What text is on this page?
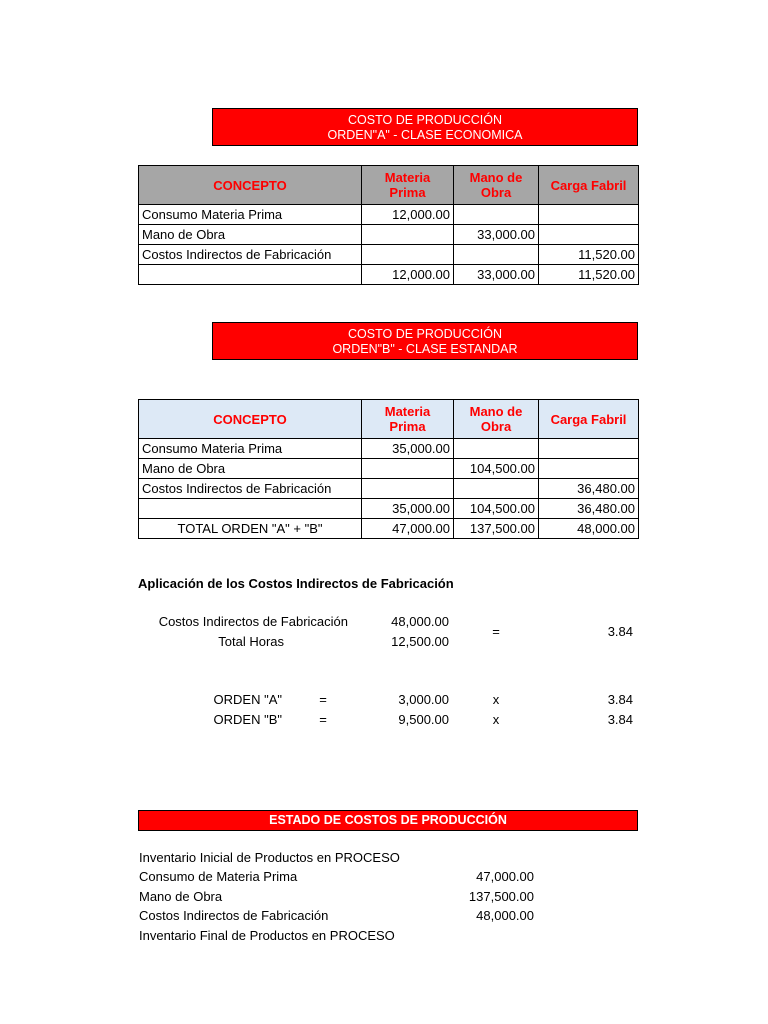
COSTO DE PRODUCCIÓN
ORDEN"A" - CLASE ECONOMICA
CONCEPTO	Materia Prima	Mano de Obra	Carga Fabril
Consumo Materia Prima	12,000.00		
Mano de Obra		33,000.00	
Costos Indirectos de Fabricación			11,520.00
	12,000.00	33,000.00	11,520.00
COSTO DE PRODUCCIÓN
ORDEN"B" - CLASE ESTANDAR
CONCEPTO	Materia Prima	Mano de Obra	Carga Fabril
Consumo Materia Prima	35,000.00		
Mano de Obra		104,500.00	
Costos Indirectos de Fabricación			36,480.00
	35,000.00	104,500.00	36,480.00
TOTAL ORDEN "A" + "B"	47,000.00	137,500.00	48,000.00
Aplicación de los Costos Indirectos de Fabricación
Costos Indirectos de Fabricación	48,000.00
Total Horas	12,500.00
=	3.84
ORDEN "A"	=	3,000.00	x	3.84
ORDEN "B"	=	9,500.00	x	3.84
ESTADO DE COSTOS DE PRODUCCIÓN
Inventario Inicial de Productos en PROCESO
Consumo de Materia Prima	47,000.00
Mano de Obra	137,500.00
Costos Indirectos de Fabricación	48,000.00
Inventario Final de Productos en PROCESO
